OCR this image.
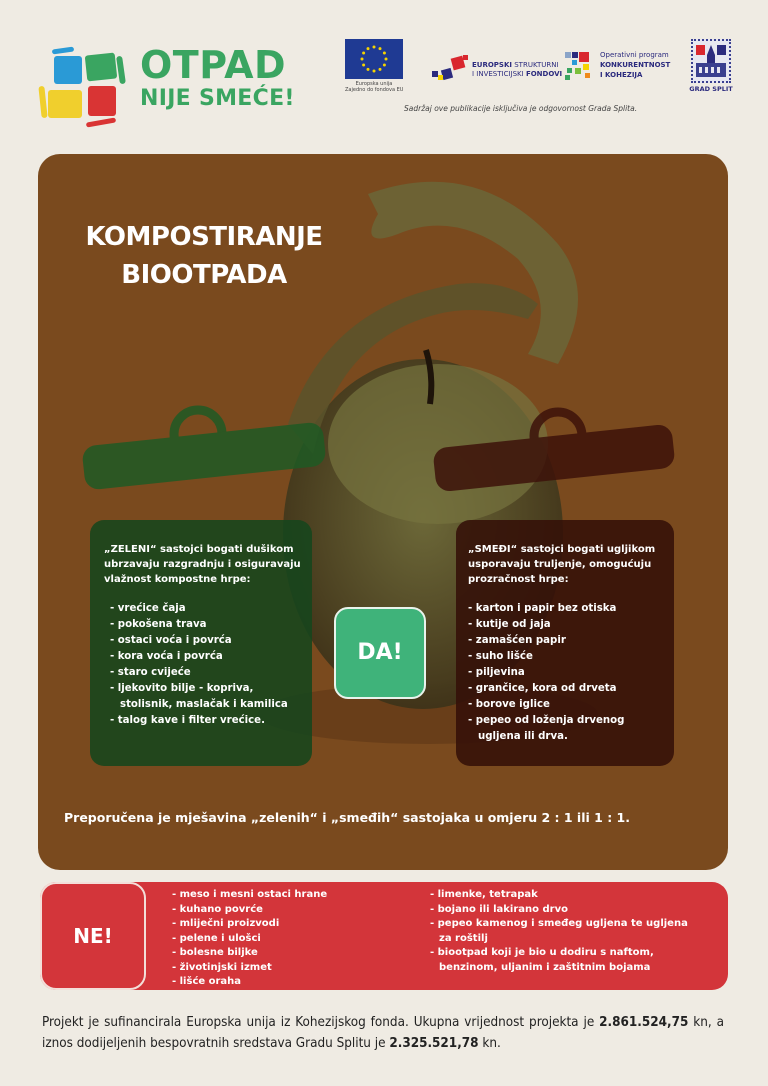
OTPAD
NIJE SMEĆE!
Europska unija
Zajedno do fondova EU
EUROPSKI STRUKTURNI
I INVESTICIJSKI FONDOVI
Operativni program
KONKURENTNOST
I KOHEZIJA
GRAD SPLIT
Sadržaj ove publikacije isključiva je odgovornost Grada Splita.
KOMPOSTIRANJE
BIOOTPADA
„ZELENI“ sastojci bogati dušikom ubrzavaju razgradnju i osiguravaju vlažnost kompostne hrpe:
- vrećice čaja
- pokošena trava
- ostaci voća i povrća
- kora voća i povrća
- staro cvijeće
- ljekovito bilje - kopriva,
stolisnik, maslačak i kamilica
- talog kave i filter vrećice.
DA!
„SMEĐI“ sastojci bogati ugljikom usporavaju truljenje, omogućuju prozračnost hrpe:
- karton i papir bez otiska
- kutije od jaja
- zamašćen papir
- suho lišće
- piljevina
- grančice, kora od drveta
- borove iglice
- pepeo od loženja drvenog
ugljena ili drva.
Preporučena je mješavina „zelenih“ i „smeđih“ sastojaka u omjeru 2 : 1 ili 1 : 1.
NE!
- meso i mesni ostaci hrane
- kuhano povrće
- mliječni proizvodi
- pelene i ulošci
- bolesne biljke
- životinjski izmet
- lišće oraha
- limenke, tetrapak
- bojano ili lakirano drvo
- pepeo kamenog i smeđeg ugljena te ugljena
za roštilj
- biootpad koji je bio u dodiru s naftom,
benzinom, uljanim i zaštitnim bojama
Projekt je sufinancirala Europska unija iz Kohezijskog fonda. Ukupna vrijednost projekta je 2.861.524,75 kn, a iznos dodijeljenih bespovratnih sredstava Gradu Splitu je 2.325.521,78 kn.
